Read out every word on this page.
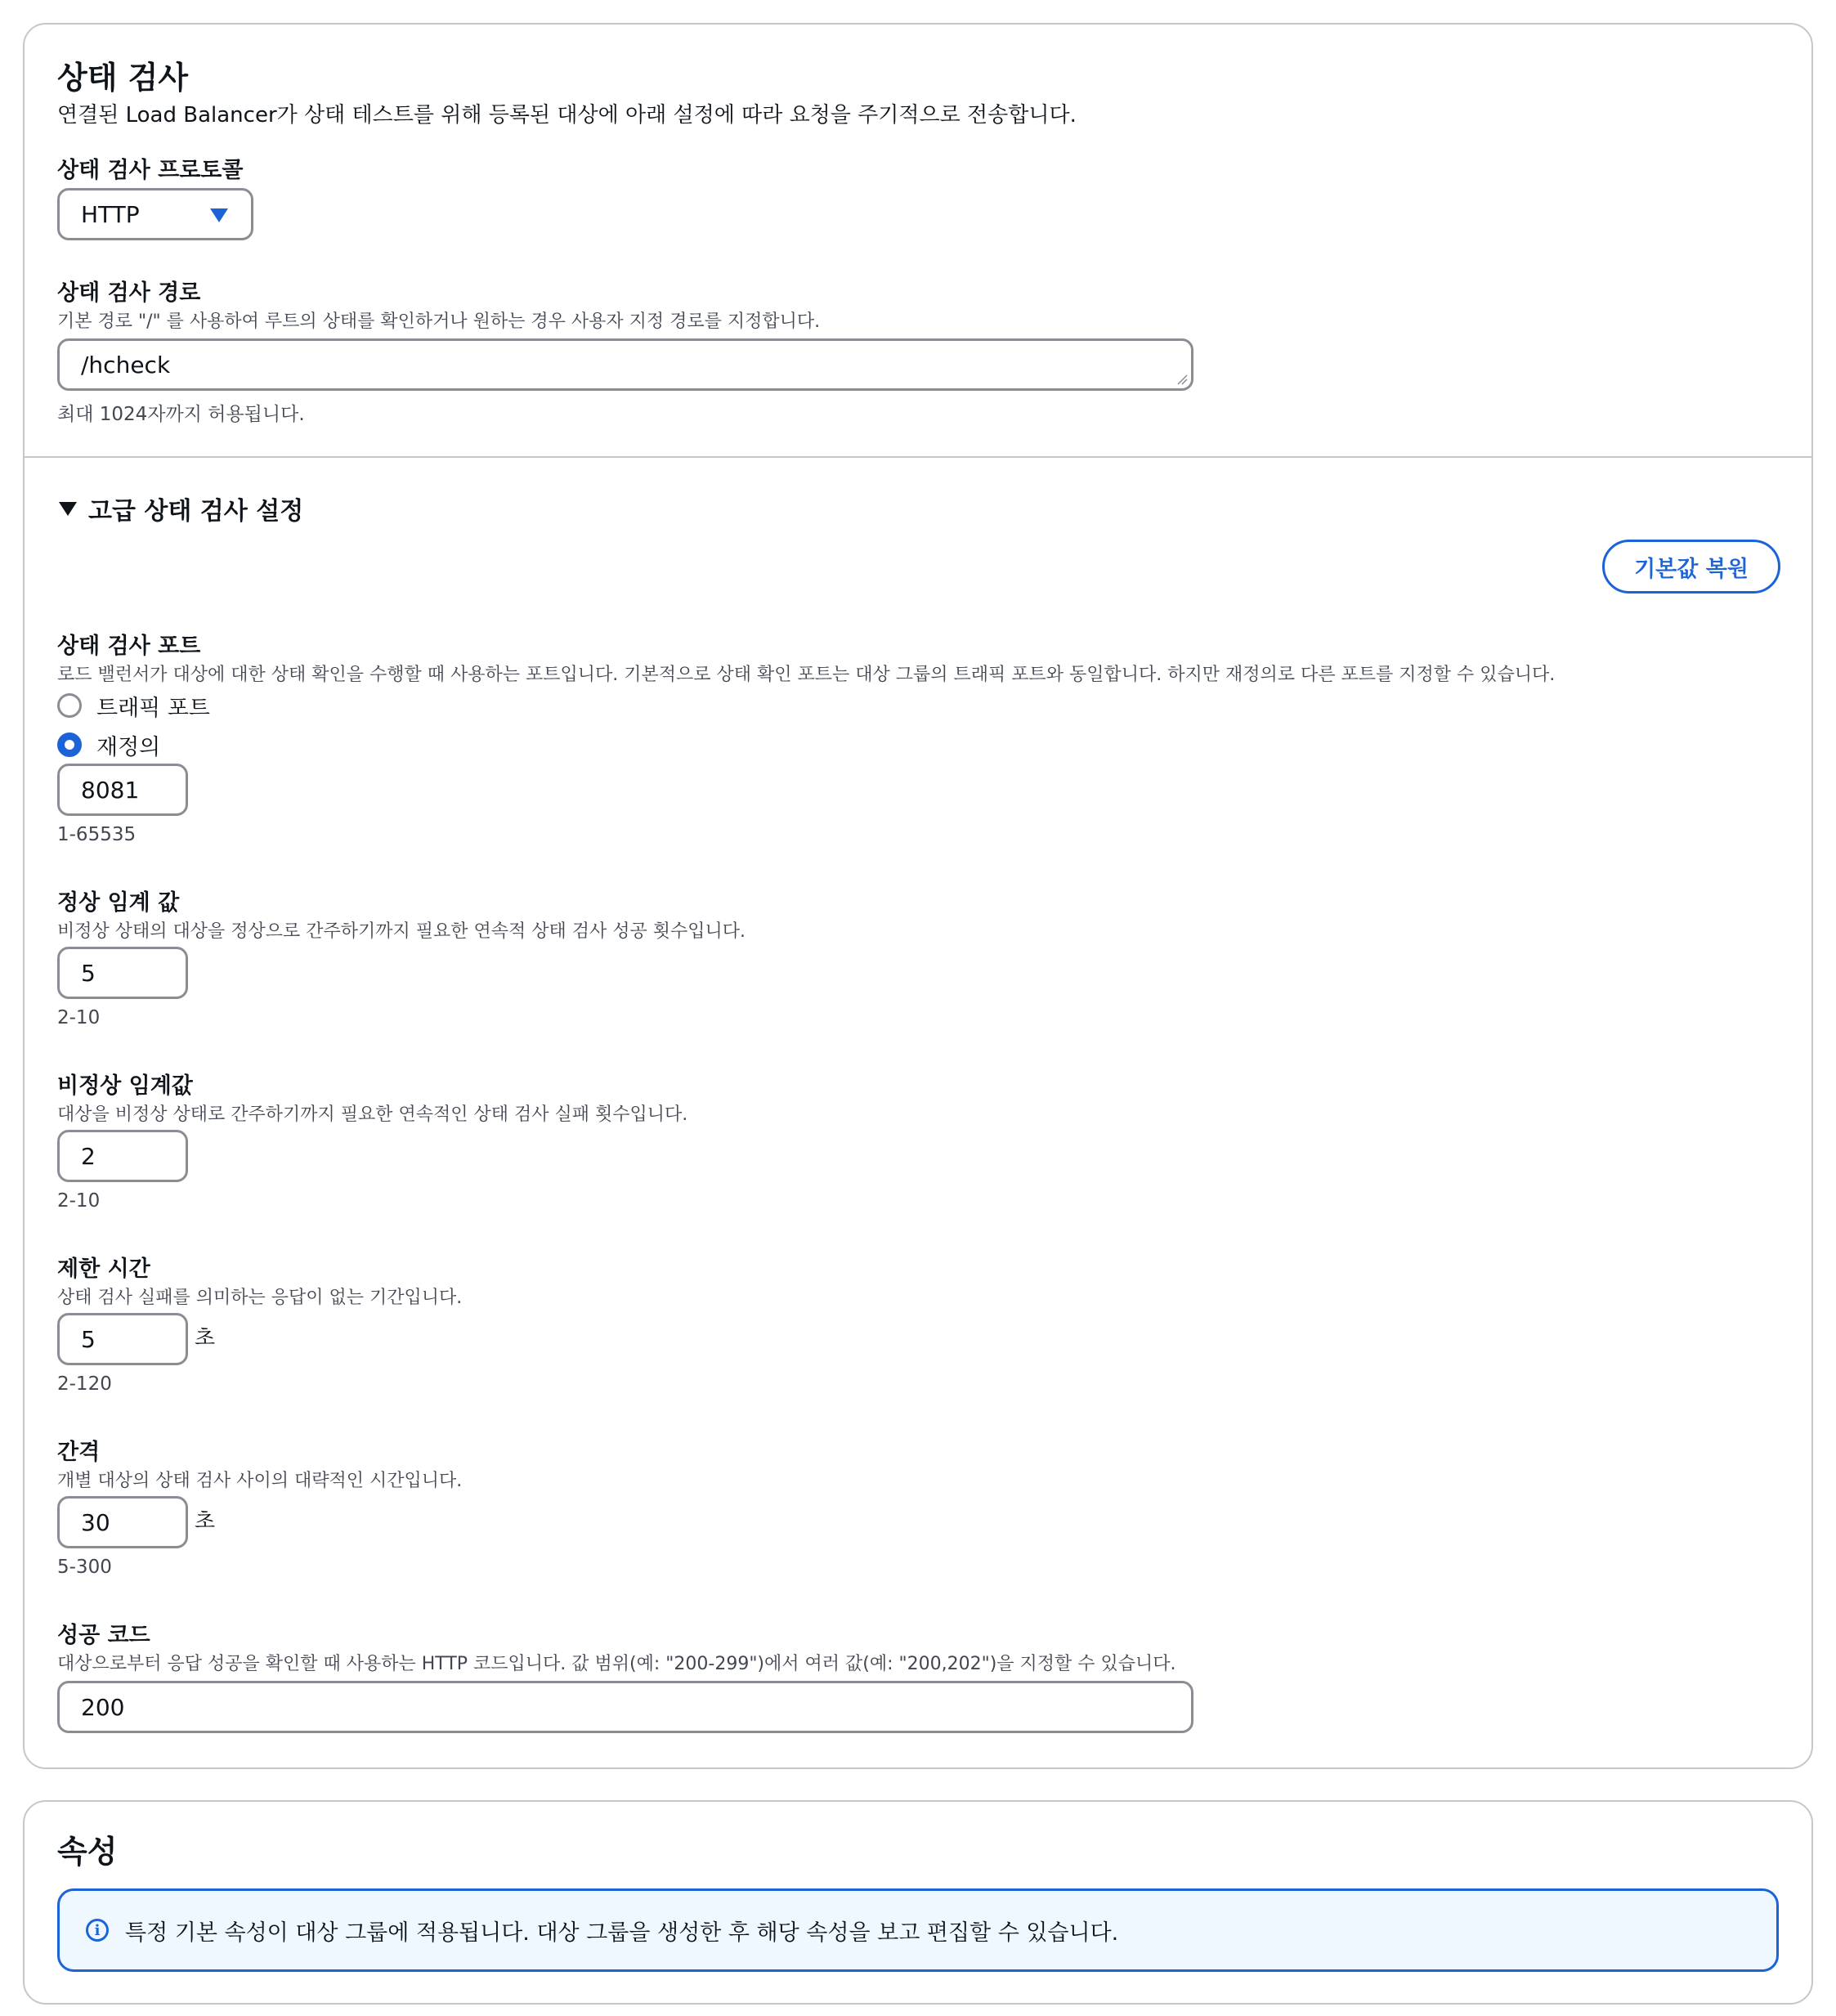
상태 검사
연결된 Load Balancer가 상태 테스트를 위해 등록된 대상에 아래 설정에 따라 요청을 주기적으로 전송합니다.
상태 검사 프로토콜
HTTP
상태 검사 경로
기본 경로 "/" 를 사용하여 루트의 상태를 확인하거나 원하는 경우 사용자 지정 경로를 지정합니다.
/hcheck
최대 1024자까지 허용됩니다.
고급 상태 검사 설정
기본값 복원
상태 검사 포트
로드 밸런서가 대상에 대한 상태 확인을 수행할 때 사용하는 포트입니다. 기본적으로 상태 확인 포트는 대상 그룹의 트래픽 포트와 동일합니다. 하지만 재정의로 다른 포트를 지정할 수 있습니다.
트래픽 포트
재정의
8081
1-65535
정상 임계 값
비정상 상태의 대상을 정상으로 간주하기까지 필요한 연속적 상태 검사 성공 횟수입니다.
5
2-10
비정상 임계값
대상을 비정상 상태로 간주하기까지 필요한 연속적인 상태 검사 실패 횟수입니다.
2
2-10
제한 시간
상태 검사 실패를 의미하는 응답이 없는 기간입니다.
5	초
2-120
간격
개별 대상의 상태 검사 사이의 대략적인 시간입니다.
30	초
5-300
성공 코드
대상으로부터 응답 성공을 확인할 때 사용하는 HTTP 코드입니다. 값 범위(예: "200-299")에서 여러 값(예: "200,202")을 지정할 수 있습니다.
200
속성
i	특정 기본 속성이 대상 그룹에 적용됩니다. 대상 그룹을 생성한 후 해당 속성을 보고 편집할 수 있습니다.
